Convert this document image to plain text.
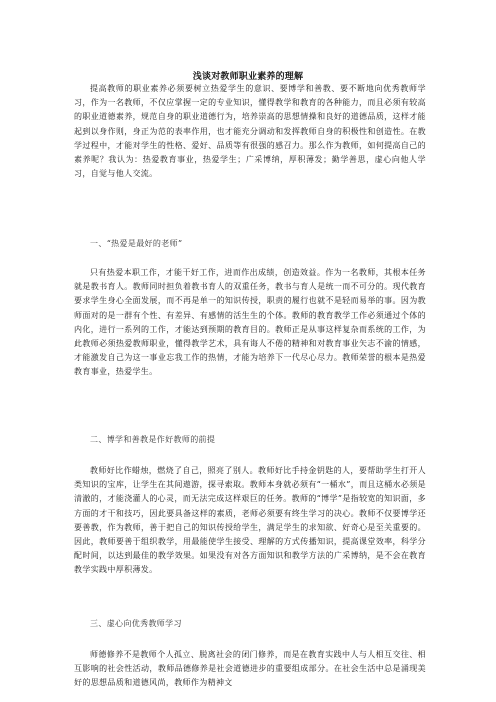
浅谈对教师职业素养的理解

提高教师的职业素养必须要树立热爱学生的意识、要博学和善教、要不断地向优秀教师学习，作为一名教师，不仅应掌握一定的专业知识，懂得教学和教育的各种能力，而且必须有较高的职业道德素养，规范自身的职业道德行为，培养崇高的思想情操和良好的道德品质，这样才能起到以身作则，身正为范的表率作用，也才能充分调动和发挥教师自身的积极性和创造性。在教学过程中，才能对学生的性格、爱好、品质等有很强的感召力。那么作为教师，如何提高自己的素养呢？我认为：热爱教育事业，热爱学生；广采博纳，厚积薄发；勤学善思，虚心向他人学习，自觉与他人交流。

一、“热爱是最好的老师”

只有热爱本职工作，才能干好工作，进而作出成绩，创造效益。作为一名教师，其根本任务就是教书育人。教师同时担负着教书育人的双重任务，教书与育人是统一而不可分的。现代教育要求学生身心全面发展，而不再是单一的知识传授，职责的履行也就不是轻而易举的事。因为教师面对的是一群有个性、有差异、有感情的活生生的个体。教师的教育教学工作必须通过个体的内化，进行一系列的工作，才能达到预期的教育目的。教师正是从事这样复杂而系统的工作，为此教师必须热爱教师职业，懂得教学艺术，具有诲人不倦的精神和对教育事业矢志不渝的情感，才能激发自己为这一事业忘我工作的热情，才能为培养下一代尽心尽力。教师荣誉的根本是热爱教育事业，热爱学生。

二、博学和善教是作好教师的前提

教师好比作蜡烛，燃烧了自己，照亮了别人。教师好比手持金钥匙的人，要帮助学生打开人类知识的宝库，让学生在其间遨游，探寻索取。教师本身就必须有“一桶水”，而且这桶水必须是清澈的，才能浇灌人的心灵，而无法完成这样艰巨的任务。教师的“博学”是指较宽的知识面，多方面的才干和技巧，因此要具备这样的素质，老师必须要有终生学习的决心。教师不仅要博学还要善教，作为教师，善于把自己的知识传授给学生，满足学生的求知欲、好奇心是至关重要的。因此，教师要善于组织教学，用最能使学生接受、理解的方式传播知识，提高课堂效率，科学分配时间，以达到最佳的教学效果。如果没有对各方面知识和教学方法的广采博纳，是不会在教育教学实践中厚积薄发。

三、虚心向优秀教师学习

师德修养不是教师个人孤立、脱离社会的闭门修养，而是在教育实践中人与人相互交往、相互影响的社会性活动，教师品德修养是社会道德进步的重要组成部分。在社会生活中总是涌现美好的思想品质和道德风尚，教师作为精神文
